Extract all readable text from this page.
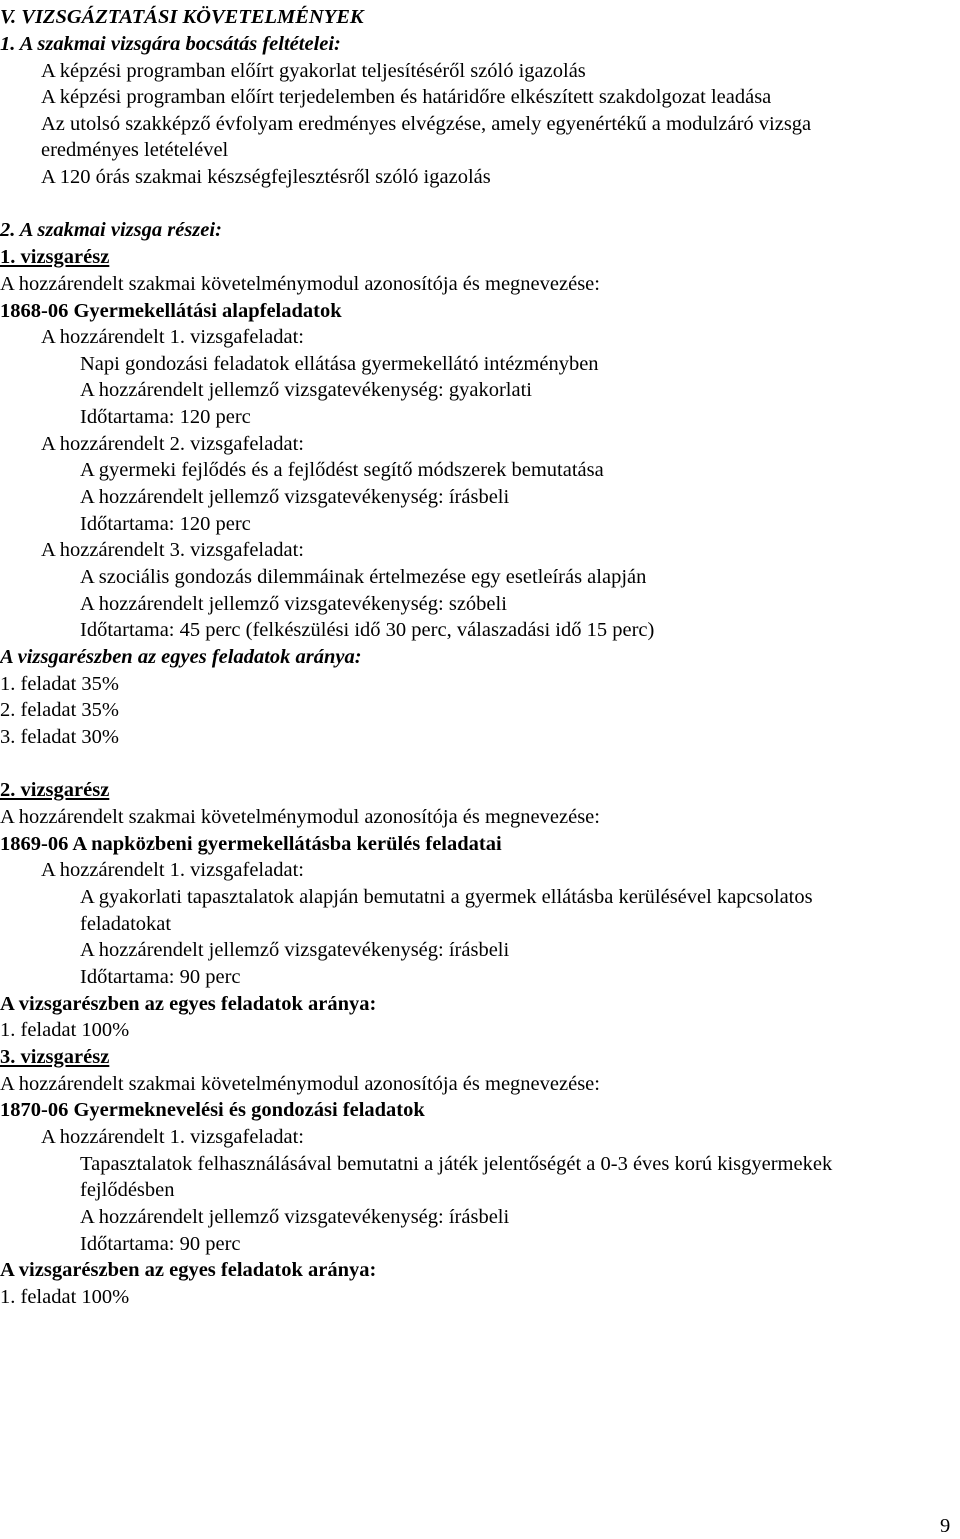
V. VIZSGÁZTATÁSI KÖVETELMÉNYEK
1. A szakmai vizsgára bocsátás feltételei:
A képzési programban előírt gyakorlat teljesítéséről szóló igazolás
A képzési programban előírt terjedelemben és határidőre elkészített szakdolgozat leadása
Az utolsó szakképző évfolyam eredményes elvégzése, amely egyenértékű a modulzáró vizsga
eredményes letételével
A 120 órás szakmai készségfejlesztésről szóló igazolás
2. A szakmai vizsga részei:
1. vizsgarész
A hozzárendelt szakmai követelménymodul azonosítója és megnevezése:
1868-06 Gyermekellátási alapfeladatok
A hozzárendelt 1. vizsgafeladat:
Napi gondozási feladatok ellátása gyermekellátó intézményben
A hozzárendelt jellemző vizsgatevékenység: gyakorlati
Időtartama: 120 perc
A hozzárendelt 2. vizsgafeladat:
A gyermeki fejlődés és a fejlődést segítő módszerek bemutatása
A hozzárendelt jellemző vizsgatevékenység: írásbeli
Időtartama: 120 perc
A hozzárendelt 3. vizsgafeladat:
A szociális gondozás dilemmáinak értelmezése egy esetleírás alapján
A hozzárendelt jellemző vizsgatevékenység: szóbeli
Időtartama: 45 perc (felkészülési idő 30 perc, válaszadási idő 15 perc)
A vizsgarészben az egyes feladatok aránya:
1. feladat 35%
2. feladat 35%
3. feladat 30%
2. vizsgarész
A hozzárendelt szakmai követelménymodul azonosítója és megnevezése:
1869-06 A napközbeni gyermekellátásba kerülés feladatai
A hozzárendelt 1. vizsgafeladat:
A gyakorlati tapasztalatok alapján bemutatni a gyermek ellátásba kerülésével kapcsolatos
feladatokat
A hozzárendelt jellemző vizsgatevékenység: írásbeli
Időtartama: 90 perc
A vizsgarészben az egyes feladatok aránya:
1. feladat 100%
3. vizsgarész
A hozzárendelt szakmai követelménymodul azonosítója és megnevezése:
1870-06 Gyermeknevelési és gondozási feladatok
A hozzárendelt 1. vizsgafeladat:
Tapasztalatok felhasználásával bemutatni a játék jelentőségét a 0-3 éves korú kisgyermekek
fejlődésben
A hozzárendelt jellemző vizsgatevékenység: írásbeli
Időtartama: 90 perc
A vizsgarészben az egyes feladatok aránya:
1. feladat 100%
9
